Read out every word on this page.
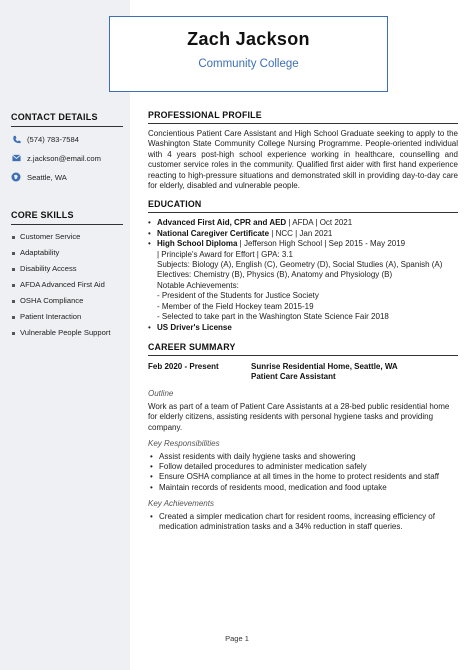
Zach Jackson
Community College
CONTACT DETAILS
(574) 783-7584
z.jackson@email.com
Seattle, WA
CORE SKILLS
Customer Service
Adaptability
Disability Access
AFDA Advanced First Aid
OSHA Compliance
Patient Interaction
Vulnerable People Support
PROFESSIONAL PROFILE

Concientious Patient Care Assistant and High School Graduate seeking to apply to the Washington State Community College Nursing Programme. People-oriented individual with 4 years post-high school experience working in healthcare, counselling and customer service roles in the community. Qualified first aider with first hand experience reacting to high-pressure situations and demonstrated skill in providing day-to-day care for elderly, disabled and vulnerable people.

EDUCATION
• Advanced First Aid, CPR and AED | AFDA | Oct 2021
• National Caregiver Certificate | NCC | Jan 2021
• High School Diploma | Jefferson High School | Sep 2015 - May 2019
| Principle's Award for Effort | GPA: 3.1
Subjects: Biology (A), English (C), Geometry (D), Social Studies (A), Spanish (A)
Electives: Chemistry (B), Physics (B), Anatomy and Physiology (B)
Notable Achievements:
- President of the Students for Justice Society
- Member of the Field Hockey team 2015-19
- Selected to take part in the Washington State Science Fair 2018
• US Driver's License
CAREER SUMMARY
Feb 2020 - Present	Sunrise Residential Home, Seattle, WA
Patient Care Assistant
Outline

Work as part of a team of Patient Care Assistants at a 28-bed public residential home for elderly citizens, assisting residents with personal hygiene tasks and providing company.

Key Responsibilities
• Assist residents with daily hygiene tasks and showering
• Follow detailed procedures to administer medication safely
• Ensure OSHA compliance at all times in the home to protect residents and staff
• Maintain records of residents mood, medication and food uptake
Key Achievements
• Created a simpler medication chart for resident rooms, increasing efficiency of medication administration tasks and a 34% reduction in staff queries.
Page 1
